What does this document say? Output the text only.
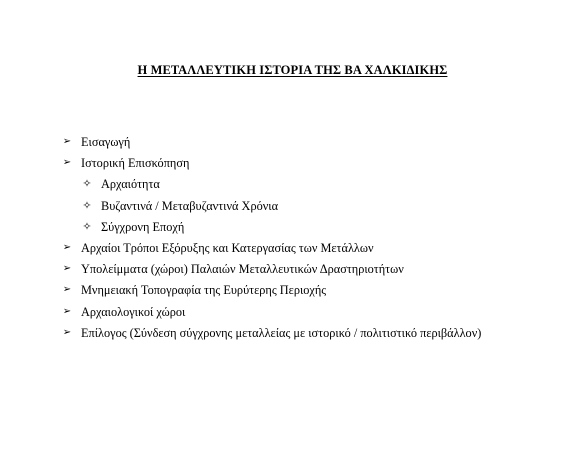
Η ΜΕΤΑΛΛΕΥΤΙΚΗ ΙΣΤΟΡΙΑ ΤΗΣ ΒΑ ΧΑΛΚΙΔΙΚΗΣ
➢ Εισαγωγή
➢ Ιστορική Επισκόπηση
✧ Αρχαιότητα
✧ Βυζαντινά / Μεταβυζαντινά Χρόνια
✧ Σύγχρονη Εποχή
➢ Αρχαίοι Τρόποι Εξόρυξης και Κατεργασίας των Μετάλλων
➢ Υπολείμματα (χώροι) Παλαιών Μεταλλευτικών Δραστηριοτήτων
➢ Μνημειακή Τοπογραφία της Ευρύτερης Περιοχής
➢ Αρχαιολογικοί χώροι
➢ Επίλογος (Σύνδεση σύγχρονης μεταλλείας με ιστορικό / πολιτιστικό περιβάλλον)
